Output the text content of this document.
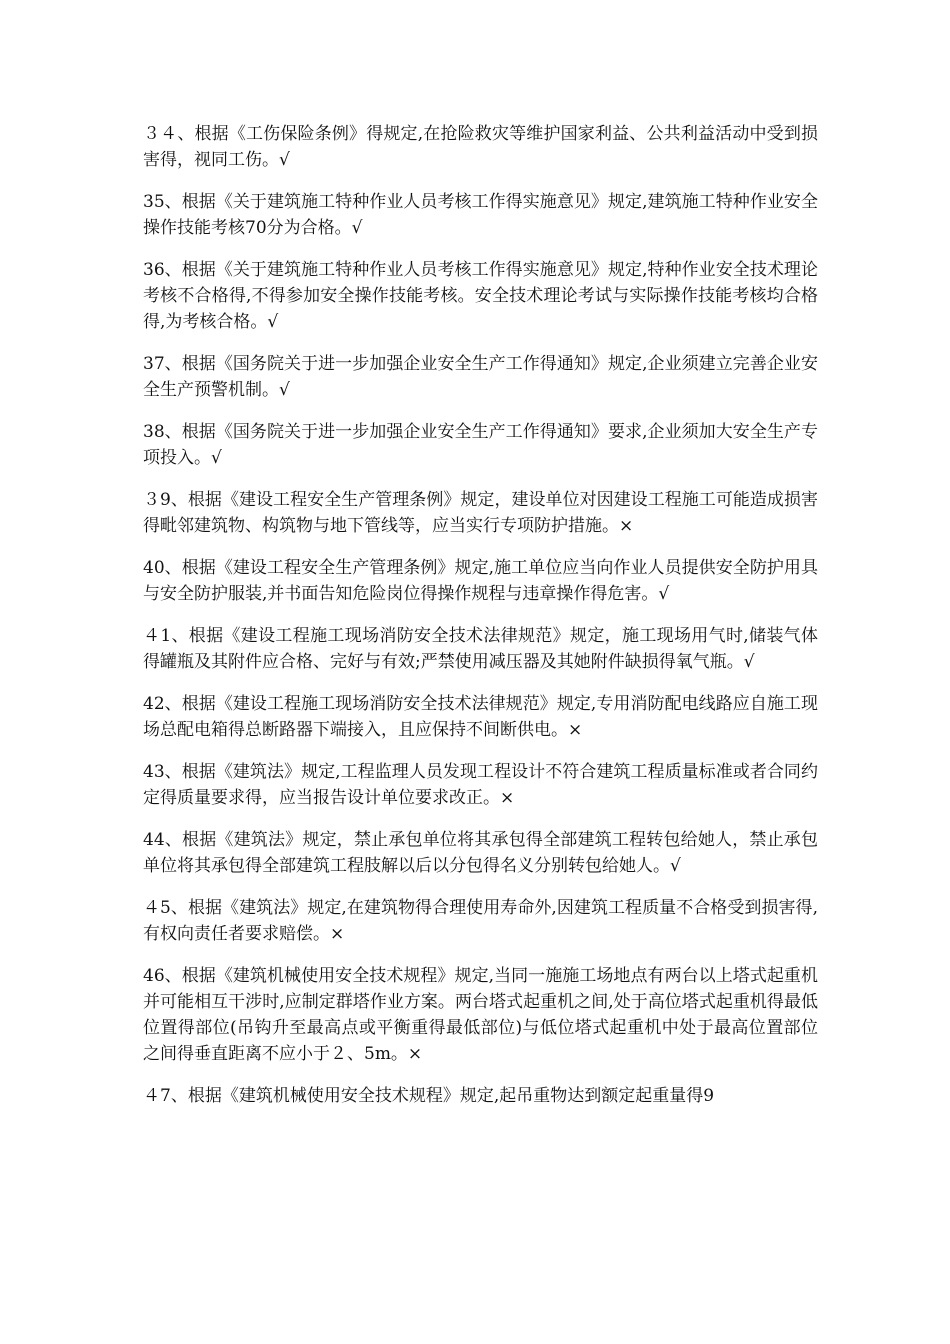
３４、根据《工伤保险条例》得规定,在抢险救灾等维护国家利益、公共利益活动中受到损害得，视同工伤。√

35、根据《关于建筑施工特种作业人员考核工作得实施意见》规定,建筑施工特种作业安全操作技能考核70分为合格。√

36、根据《关于建筑施工特种作业人员考核工作得实施意见》规定,特种作业安全技术理论考核不合格得,不得参加安全操作技能考核。安全技术理论考试与实际操作技能考核均合格得,为考核合格。√

37、根据《国务院关于进一步加强企业安全生产工作得通知》规定,企业须建立完善企业安全生产预警机制。√

38、根据《国务院关于进一步加强企业安全生产工作得通知》要求,企业须加大安全生产专项投入。√

３9、根据《建设工程安全生产管理条例》规定，建设单位对因建设工程施工可能造成损害得毗邻建筑物、构筑物与地下管线等，应当实行专项防护措施。×

40、根据《建设工程安全生产管理条例》规定,施工单位应当向作业人员提供安全防护用具与安全防护服装,并书面告知危险岗位得操作规程与违章操作得危害。√

４1、根据《建设工程施工现场消防安全技术法律规范》规定，施工现场用气时,储装气体得罐瓶及其附件应合格、完好与有效;严禁使用减压器及其她附件缺损得氧气瓶。√

42、根据《建设工程施工现场消防安全技术法律规范》规定,专用消防配电线路应自施工现场总配电箱得总断路器下端接入，且应保持不间断供电。×

43、根据《建筑法》规定,工程监理人员发现工程设计不符合建筑工程质量标准或者合同约定得质量要求得，应当报告设计单位要求改正。×

44、根据《建筑法》规定，禁止承包单位将其承包得全部建筑工程转包给她人，禁止承包单位将其承包得全部建筑工程肢解以后以分包得名义分别转包给她人。√

４5、根据《建筑法》规定,在建筑物得合理使用寿命外,因建筑工程质量不合格受到损害得,有权向责任者要求赔偿。×

46、根据《建筑机械使用安全技术规程》规定,当同一施施工场地点有两台以上塔式起重机并可能相互干涉时,应制定群塔作业方案。两台塔式起重机之间,处于高位塔式起重机得最低位置得部位(吊钩升至最高点或平衡重得最低部位)与低位塔式起重机中处于最高位置部位之间得垂直距离不应小于２、5m。×

４7、根据《建筑机械使用安全技术规程》规定,起吊重物达到额定起重量得9
